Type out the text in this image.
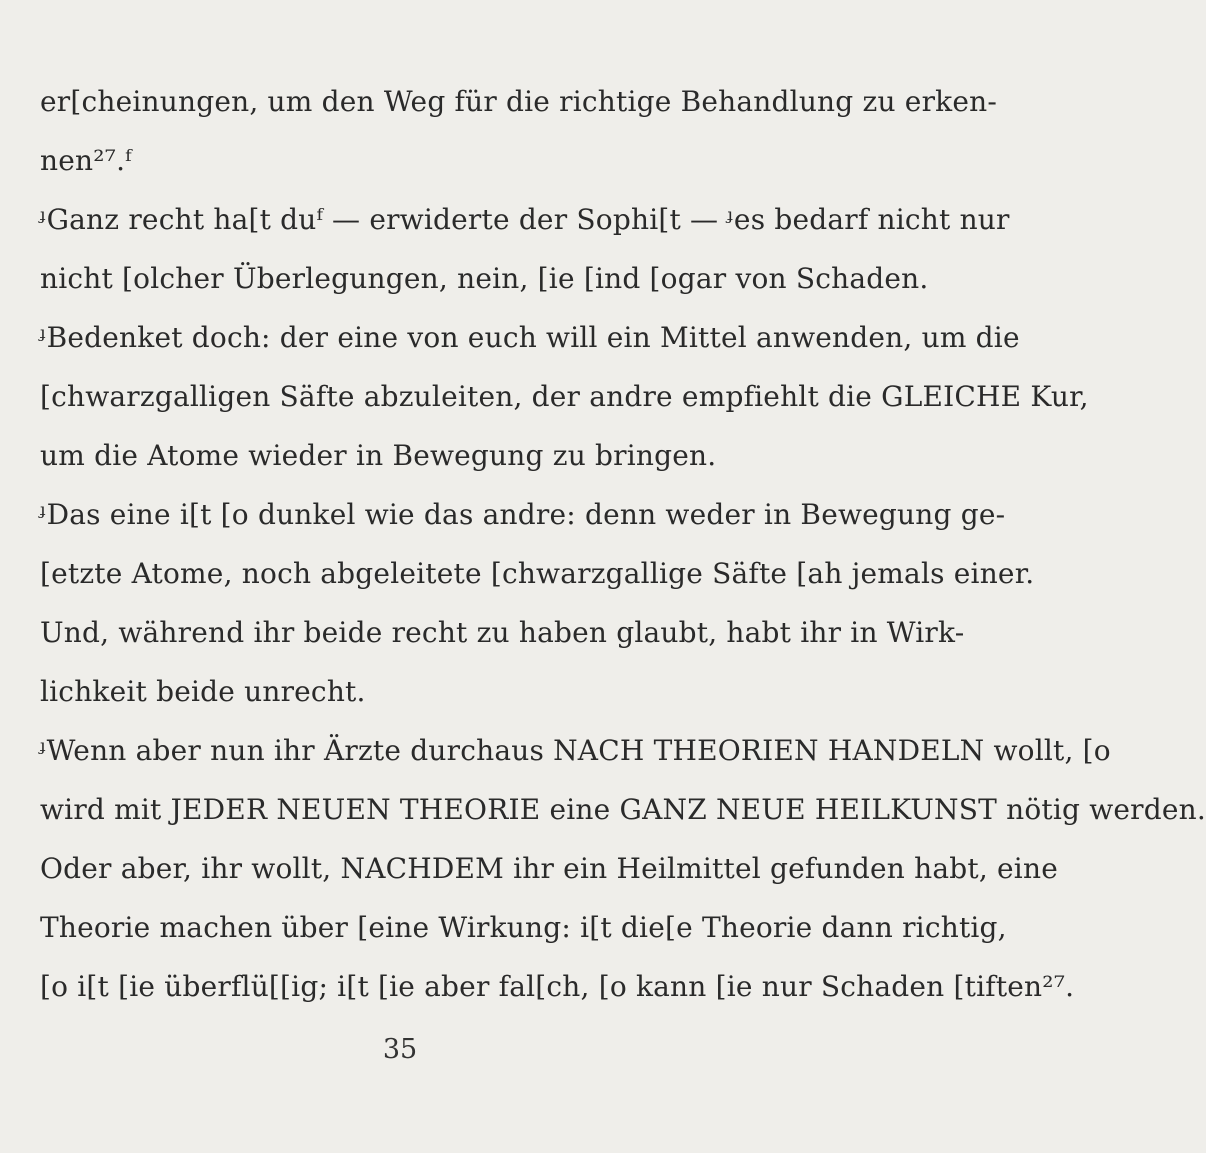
er[cheinungen, um den Weg für die richtige Behandlung zu erken-
nen²⁷.ᶠ
ᶡGanz recht ha[t duᶠ — erwiderte der Sophi[t — ᶡes bedarf nicht nur
nicht [olcher Überlegungen, nein, [ie [ind [ogar von Schaden.
ᶡBedenket doch: der eine von euch will ein Mittel anwenden, um die
[chwarzgalligen Säfte abzuleiten, der andre empfiehlt die GLEICHE Kur,
um die Atome wieder in Bewegung zu bringen.
ᶡDas eine i[t [o dunkel wie das andre: denn weder in Bewegung ge-
[etzte Atome, noch abgeleitete [chwarzgallige Säfte [ah jemals einer.
Und, während ihr beide recht zu haben glaubt, habt ihr in Wirk-
lichkeit beide unrecht.
ᶡWenn aber nun ihr Ärzte durchaus NACH THEORIEN HANDELN wollt, [o
wird mit JEDER NEUEN THEORIE eine GANZ NEUE HEILKUNST nötig werden.
Oder aber, ihr wollt, NACHDEM ihr ein Heilmittel gefunden habt, eine
Theorie machen über [eine Wirkung: i[t die[e Theorie dann richtig,
[o i[t [ie überflü[[ig; i[t [ie aber fal[ch, [o kann [ie nur Schaden [tiften²⁷.
35
